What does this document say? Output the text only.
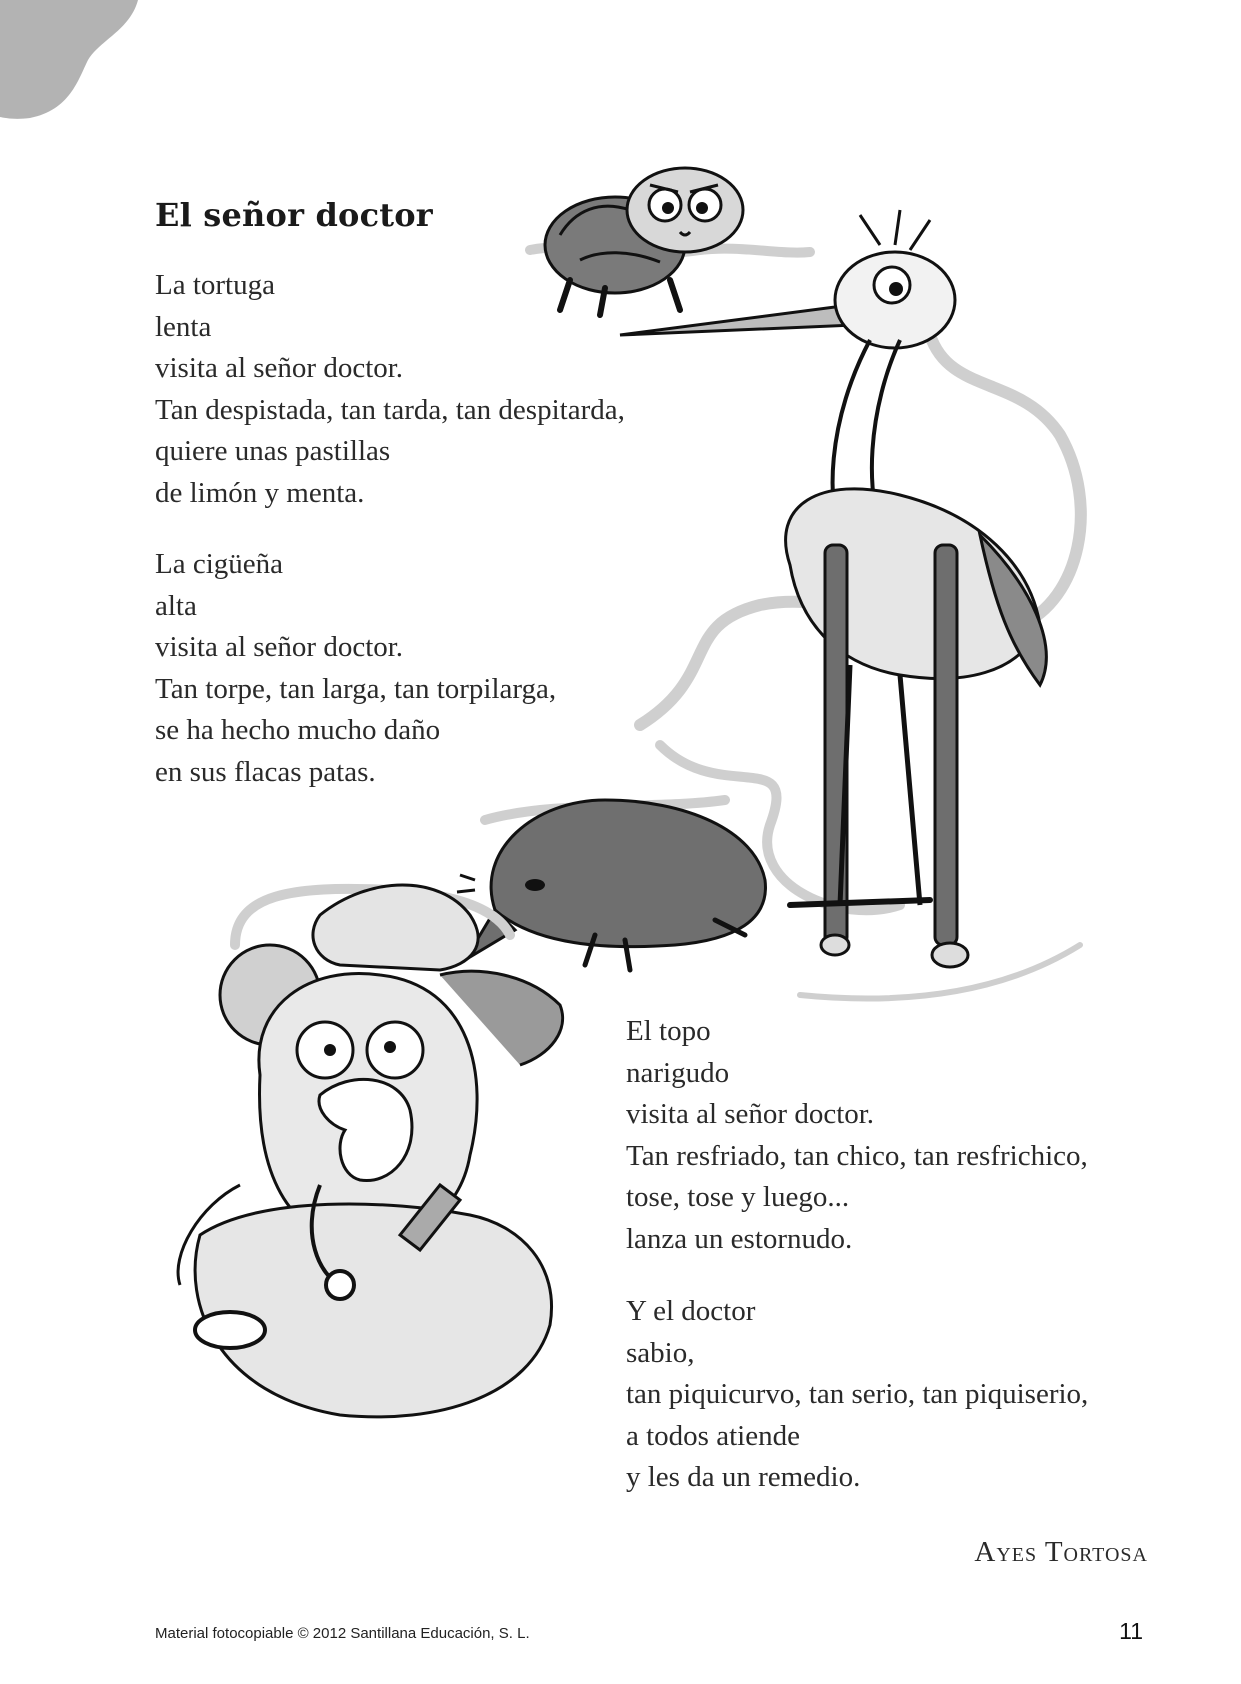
El señor doctor
La tortuga
lenta
visita al señor doctor.
Tan despistada, tan tarda, tan despitarda,
quiere unas pastillas
de limón y menta.
La cigüeña
alta
visita al señor doctor.
Tan torpe, tan larga, tan torpilarga,
se ha hecho mucho daño
en sus flacas patas.
El topo
narigudo
visita al señor doctor.
Tan resfriado, tan chico, tan resfrichico,
tose, tose y luego...
lanza un estornudo.
Y el doctor
sabio,
tan piquicurvo, tan serio, tan piquiserio,
a todos atiende
y les da un remedio.
Ayes Tortosa
Material fotocopiable © 2012 Santillana Educación, S. L.	11
